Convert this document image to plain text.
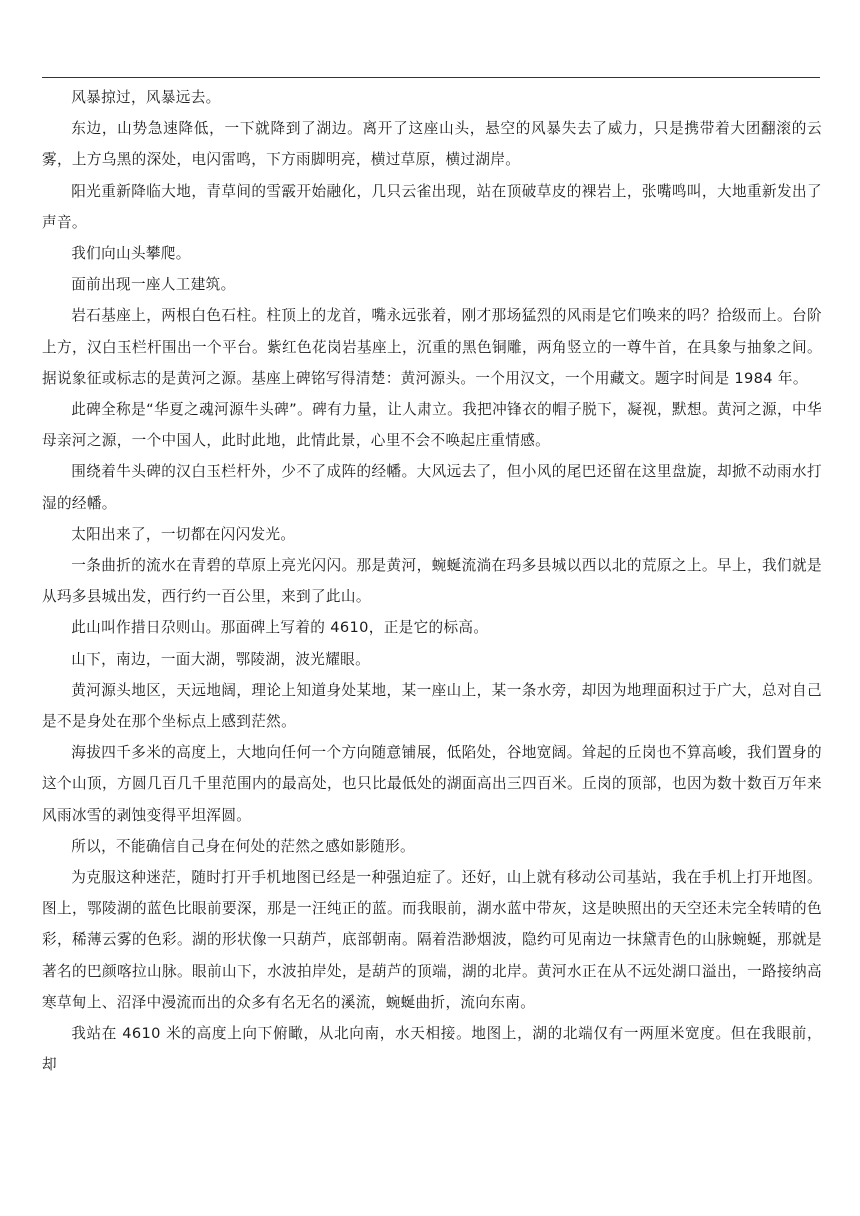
风暴掠过，风暴远去。

东边，山势急速降低，一下就降到了湖边。离开了这座山头，悬空的风暴失去了威力，只是携带着大团翻滚的云雾，上方乌黑的深处，电闪雷鸣，下方雨脚明亮，横过草原，横过湖岸。

阳光重新降临大地，青草间的雪霰开始融化，几只云雀出现，站在顶破草皮的裸岩上，张嘴鸣叫，大地重新发出了声音。

我们向山头攀爬。

面前出现一座人工建筑。

岩石基座上，两根白色石柱。柱顶上的龙首，嘴永远张着，刚才那场猛烈的风雨是它们唤来的吗？拾级而上。台阶上方，汉白玉栏杆围出一个平台。紫红色花岗岩基座上，沉重的黑色铜雕，两角竖立的一尊牛首，在具象与抽象之间。据说象征或标志的是黄河之源。基座上碑铭写得清楚：黄河源头。一个用汉文，一个用藏文。题字时间是 1984 年。

此碑全称是“华夏之魂河源牛头碑”。碑有力量，让人肃立。我把冲锋衣的帽子脱下，凝视，默想。黄河之源，中华母亲河之源，一个中国人，此时此地，此情此景，心里不会不唤起庄重情感。

围绕着牛头碑的汉白玉栏杆外，少不了成阵的经幡。大风远去了，但小风的尾巴还留在这里盘旋，却掀不动雨水打湿的经幡。

太阳出来了，一切都在闪闪发光。

一条曲折的流水在青碧的草原上亮光闪闪。那是黄河，蜿蜒流淌在玛多县城以西以北的荒原之上。早上，我们就是从玛多县城出发，西行约一百公里，来到了此山。

此山叫作措日尕则山。那面碑上写着的 4610，正是它的标高。

山下，南边，一面大湖，鄂陵湖，波光耀眼。

黄河源头地区，天远地阔，理论上知道身处某地，某一座山上，某一条水旁，却因为地理面积过于广大，总对自己是不是身处在那个坐标点上感到茫然。

海拔四千多米的高度上，大地向任何一个方向随意铺展，低陷处，谷地宽阔。耸起的丘岗也不算高峻，我们置身的这个山顶，方圆几百几千里范围内的最高处，也只比最低处的湖面高出三四百米。丘岗的顶部，也因为数十数百万年来风雨冰雪的剥蚀变得平坦浑圆。

所以，不能确信自己身在何处的茫然之感如影随形。

为克服这种迷茫，随时打开手机地图已经是一种强迫症了。还好，山上就有移动公司基站，我在手机上打开地图。图上，鄂陵湖的蓝色比眼前要深，那是一汪纯正的蓝。而我眼前，湖水蓝中带灰，这是映照出的天空还未完全转晴的色彩，稀薄云雾的色彩。湖的形状像一只葫芦，底部朝南。隔着浩渺烟波，隐约可见南边一抹黛青色的山脉蜿蜒，那就是著名的巴颜喀拉山脉。眼前山下，水波拍岸处，是葫芦的顶端，湖的北岸。黄河水正在从不远处湖口溢出，一路接纳高寒草甸上、沼泽中漫流而出的众多有名无名的溪流，蜿蜒曲折，流向东南。

我站在 4610 米的高度上向下俯瞰，从北向南，水天相接。地图上，湖的北端仅有一两厘米宽度。但在我眼前，却
